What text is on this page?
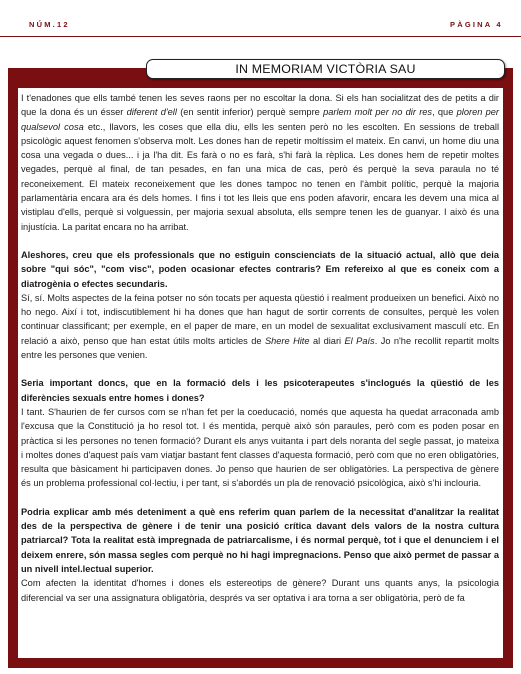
NÚM.12	PÀGINA 4

I t'enadones que ells també tenen les seves raons per no escoltar la dona. Si els han socialitzat des de petits a dir que la dona és un ésser diferent d'ell (en sentit inferior) perquè sempre parlem molt per no dir res, que ploren per qualsevol cosa etc., llavors, les coses que ella diu, ells les senten però no les escolten. En sessions de treball psicològic aquest fenomen s'observa molt. Les dones han de repetir moltíssim el mateix. En canvi, un home diu una cosa una vegada o dues... i ja l'ha dit. Es farà o no es farà, s'hi farà la rèplica. Les dones hem de repetir moltes vegades, perquè al final, de tan pesades, en fan una mica de cas, però és perquè la seva paraula no té reconeixement. El mateix reconeixement que les dones tampoc no tenen en l'àmbit polític, perquè la majoria parlamentària encara ara és dels homes. I fins i tot les lleis que ens poden afavorir, encara les devem una mica al vistiplau d'ells, perquè si volguessin, per majoria sexual absoluta, ells sempre tenen les de guanyar. I això és una injustícia. La paritat encara no ha arribat.

Aleshores, creu que els professionals que no estiguin conscienciats de la situació actual, allò que deia sobre "qui sóc", "com visc", poden ocasionar efectes contraris? Em refereixo al que es coneix com a diatrogènia o efectes secundaris.

Sí, sí. Molts aspectes de la feina potser no són tocats per aquesta qüestió i realment produeixen un benefici. Això no ho nego. Així i tot, indiscutiblement hi ha dones que han hagut de sortir corrents de consultes, perquè les volen continuar classificant; per exemple, en el paper de mare, en un model de sexualitat exclusivament masculí etc. En relació a això, penso que han estat útils molts articles de Shere Hite al diari El País. Jo n'he recollit repartit molts entre les persones que venien.

Seria important doncs, que en la formació dels i les psicoterapeutes s'inclogués la qüestió de les diferències sexuals entre homes i dones?

I tant. S'haurien de fer cursos com se n'han fet per la coeducació, només que aquesta ha quedat arraconada amb l'excusa que la Constitució ja ho resol tot. I és mentida, perquè això són paraules, però com es poden posar en pràctica si les persones no tenen formació? Durant els anys vuitanta i part dels noranta del segle passat, jo mateixa i moltes dones d'aquest país vam viatjar bastant fent classes d'aquesta formació, però com que no eren obligatòries, resulta que bàsicament hi participaven dones. Jo penso que haurien de ser obligatòries. La perspectiva de gènere és un problema professional col·lectiu, i per tant, si s'abordés un pla de renovació psicològica, això s'hi inclouria.

Podria explicar amb més deteniment a què ens referim quan parlem de la necessitat d'analitzar la realitat des de la perspectiva de gènere i de tenir una posició crítica davant dels valors de la nostra cultura patriarcal? Tota la realitat està impregnada de patriarcalisme, i és normal perquè, tot i que el denunciem i el deixem enrere, són massa segles com perquè no hi hagi impregnacions. Penso que això permet de passar a un nivell intel.lectual superior.

Com afecten la identitat d'homes i dones els estereotips de gènere? Durant uns quants anys, la psicologia diferencial va ser una assignatura obligatòria, després va ser optativa i ara torna a ser obligatòria, però de fa

IN MEMORIAM VICTÒRIA SAU
